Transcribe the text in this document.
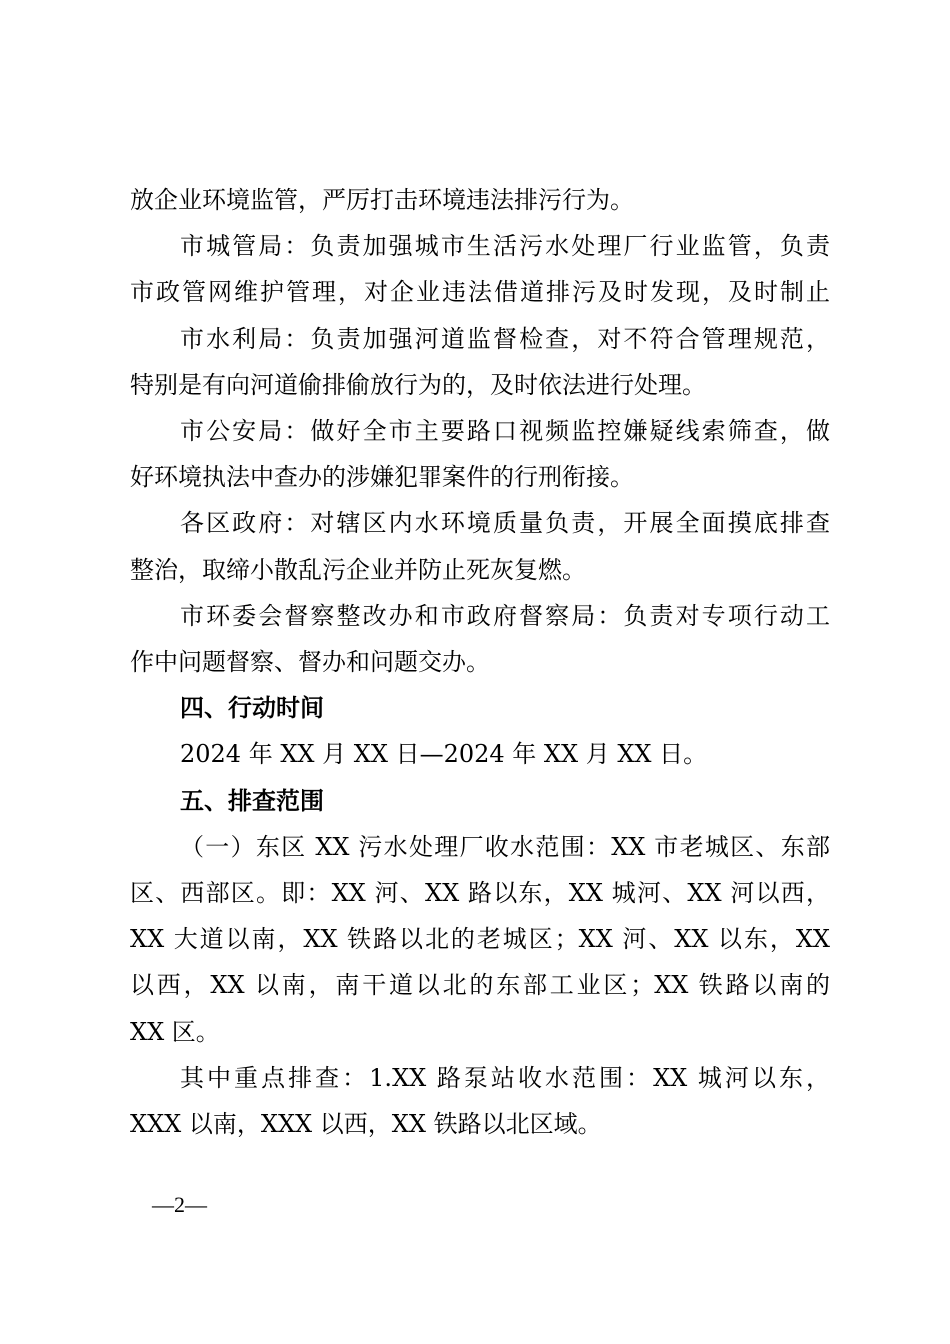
放企业环境监管，严厉打击环境违法排污行为。
市城管局：负责加强城市生活污水处理厂行业监管，负责
市政管网维护管理，对企业违法借道排污及时发现，及时制止
市水利局：负责加强河道监督检查，对不符合管理规范，
特别是有向河道偷排偷放行为的，及时依法进行处理。
市公安局：做好全市主要路口视频监控嫌疑线索筛查，做
好环境执法中查办的涉嫌犯罪案件的行刑衔接。
各区政府：对辖区内水环境质量负责，开展全面摸底排查
整治，取缔小散乱污企业并防止死灰复燃。
市环委会督察整改办和市政府督察局：负责对专项行动工
作中问题督察、督办和问题交办。
四、行动时间
2024 年 XX 月 XX 日—2024 年 XX 月 XX 日。
五、排查范围
（一）东区 XX 污水处理厂收水范围：XX 市老城区、东部
区、西部区。即：XX 河、XX 路以东，XX 城河、XX 河以西，
XX 大道以南，XX 铁路以北的老城区；XX 河、XX 以东，XX
以西，XX 以南，南干道以北的东部工业区；XX 铁路以南的
XX 区。
其中重点排查：1.XX 路泵站收水范围：XX 城河以东，
XXX 以南，XXX 以西，XX 铁路以北区域。
—2—
